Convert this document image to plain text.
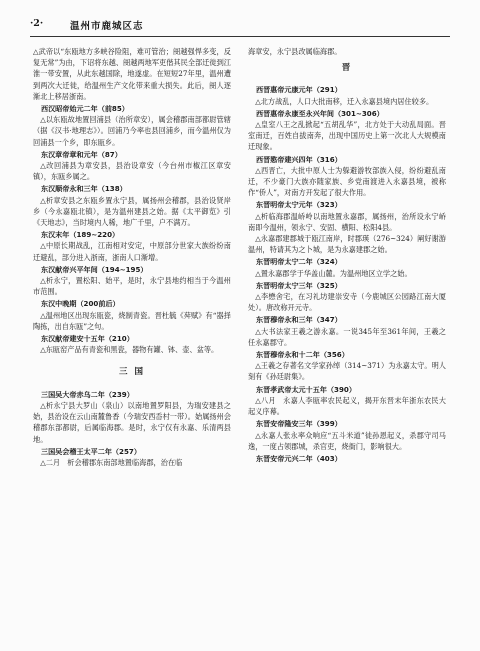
·2·	温州市鹿城区志
△武帝以“东瓯地方多峡谷险阻，难可管治；阌越强悍多变，反复无常”为由，下诏将东越、阌越两地军吏偕其民全部迁徙到江淮一带安置，从此东越国除，地遂虚。在短短27年里，温州遭到两次大迁徙，给温州生产文化带来重大损失。此后，阌人逐渐北上移居浙南。
西汉昭帝始元二年（前85）
△以东瓯故地置回浦县（治所章安），属会稽郡南部都尉管辖（据《汉书·地理志》）。回浦乃今率也县回浦乡，而今温州仅为回浦县一个乡，即东瓯乡。
东汉章帝章和元年（87）
△改回浦县为章安县，县治设章安（今台州市椒江区章安镇），东瓯乡属之。
东汉顺帝永和三年（138）
△析章安县之东瓯乡置永宁县，属扬州会稽郡，县治设贤岸乡（今永嘉瓯北镇），是为温州建县之始。据《太平御览》引《天地志》，当时境内人稀，地广千里，户不满万。
东汉末年（189~220）
△中原长期战乱，江南相对安定，中原部分世家大族纷纷南迁避乱，部分进入浙南，浙南人口渐增。
东汉献帝兴平年间（194~195）
△析永宁，置松阳、始平，是时，永宁县地约相当于今温州市范围。
东汉中晚期（200前后）
△温州地区出现东瓯瓷，烧制青瓷。晋杜毓《荈赋》有“器择陶拣，出自东瓯”之句。
东汉献帝建安十五年（210）
△东瓯窑产品有青瓷和黑瓷，器物有罐、钵、壶、盆等。
三 国
三国吴大帝赤乌二年（239）
△析永宁县大罗山（泉山）以南地置罗阳县，为瑞安建县之始，县治设在云山南麓鲁香（今瑞安西岙村一带）。始属扬州会稽郡东部都尉，后属临海郡。是时，永宁仅有永嘉、乐清两县地。
三国吴会稽王太平二年（257）
△二月　析会稽郡东南部地置临海郡，治在临
海章安，永宁县改属临海郡。
晋
西晋惠帝元康元年（291）
△北方战乱，人口大批南移，迁入永嘉县境内居住较多。
西晋惠帝永康至永兴年间（301~306）
△皇室八王之乱掀起“五胡乱华”，北方处于大动乱局面。晋室南迁，百姓自拔南奔，出现中国历史上第一次北人大规模南迁现象。
西晋愍帝建兴四年（316）
△西晋亡，大批中原人士为躲避游牧部族入侵，纷纷避乱南迁，不少豪门大族亦随家族、乡党南渡进入永嘉县境，被称作“侨人”，对南方开发起了很大作用。
东晋明帝太宁元年（323）
△析临海郡温峤岭以南地置永嘉郡，属扬州，治所设永宁峤南即今温州，领永宁、安固、横阳、松阳4县。
△永嘉郡建郡城于瓯江南岸，时郡瑛（276~324）阐好谢游温州，特请其为之卜城，是为永嘉建郡之始。
东晋明帝太宁二年（324）
△置永嘉郡学于华盖山麓。为温州地区立学之始。
东晋明帝太宁三年（325）
△李懋舍宅，在习礼坊建崇安寺（今鹿城区公园路江南大厦处）。唐改称开元寺。
东晋穆帝永和三年（347）
△大书法家王羲之游永嘉。一说345年至361年间，王羲之任永嘉郡守。
东晋穆帝永和十二年（356）
△王羲之存著名文学家孙绰（314~371）为永嘉太守。明人刻有《孙廷尉集》。
东晋孝武帝太元十五年（390）
△八月　永嘉人李瓯率农民起义，揭开东晋末年浙东农民大起义序幕。
东晋安帝隆安三年（399）
△永嘉人张永率众响应“五斗米道”徒孙恩起义，杀郡守司马逸，一度占领郡城，杀官吏，烧衙门，影响很大。
东晋安帝元兴二年（403）
